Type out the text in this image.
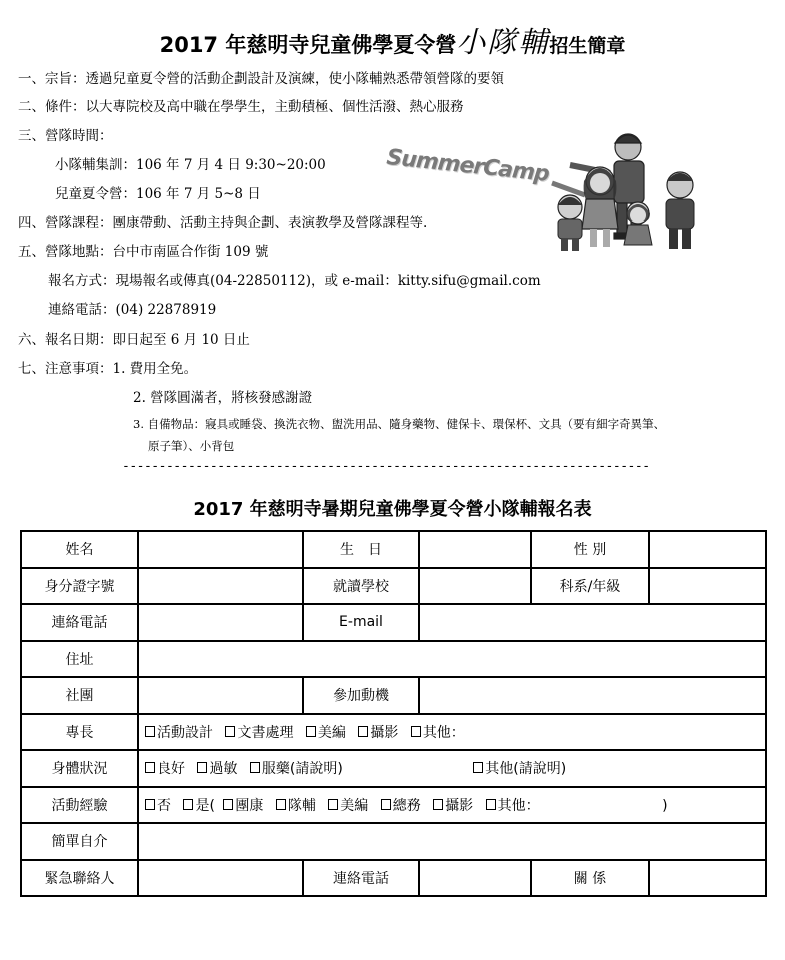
2017 年慈明寺兒童佛學夏令營小隊輔招生簡章
一、宗旨：透過兒童夏令營的活動企劃設計及演練，使小隊輔熟悉帶領營隊的要領
二、條件：以大專院校及高中職在學學生，主動積極、個性活潑、熱心服務
三、營隊時間：
小隊輔集訓：106 年 7 月 4 日 9:30~20:00
兒童夏令營：106 年 7 月 5~8 日
四、營隊課程：團康帶動、活動主持與企劃、表演教學及營隊課程等.
五、營隊地點：台中市南區合作街 109 號
報名方式：現場報名或傳真(04-22850112)，或 e-mail：kitty.sifu@gmail.com
連絡電話：(04) 22878919
六、報名日期：即日起至 6 月 10 日止
七、注意事項：1. 費用全免。
2. 營隊圓滿者，將核發感謝證
3. 自備物品：寢具或睡袋、換洗衣物、盥洗用品、隨身藥物、健保卡、環保杯、文具（要有細字奇異筆、
原子筆）、小背包
SummerCamp
------------------------------------------------------------------------
2017 年慈明寺暑期兒童佛學夏令營小隊輔報名表
姓名		生　日		性 別	
身分證字號		就讀學校		科系/年級	
連絡電話		E-mail			
住址					
社團		參加動機			
專長	活動設計 文書處理 美編 攝影 其他：				
身體狀況	良好 過敏 服藥(請說明) 其他(請說明)				
活動經驗	否 是( 團康 隊輔 美編 總務 攝影 其他： )				
簡單自介					
緊急聯絡人		連絡電話		關 係	
